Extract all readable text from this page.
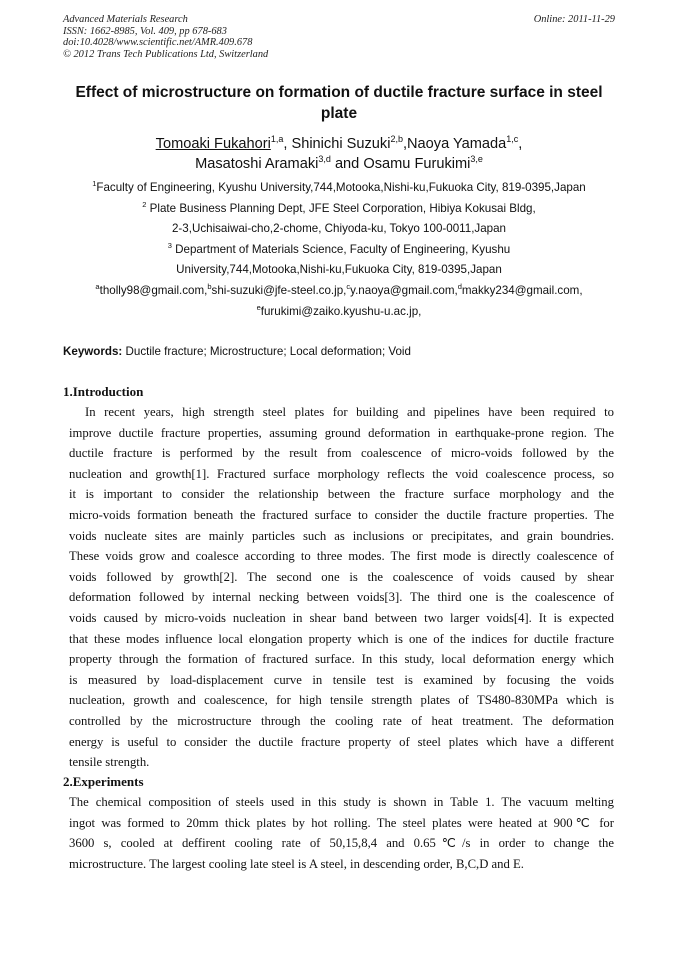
Advanced Materials Research
ISSN: 1662-8985, Vol. 409, pp 678-683
doi:10.4028/www.scientific.net/AMR.409.678
© 2012 Trans Tech Publications Ltd, Switzerland
Online: 2011-11-29
Effect of microstructure on formation of ductile fracture surface in steel
plate
Tomoaki Fukahori$^{1,a}$, Shinichi Suzuki$^{2,b}$,Naoya Yamada$^{1,c}$,
Masatoshi Aramaki$^{3,d}$ and Osamu Furukimi$^{3,e}$
$^1$Faculty of Engineering, Kyushu University,744,Motooka,Nishi-ku,Fukuoka City, 819-0395,Japan
$^2$ Plate Business Planning Dept, JFE Steel Corporation, Hibiya Kokusai Bldg,
2-3,Uchisaiwai-cho,2-chome, Chiyoda-ku, Tokyo 100-0011,Japan
$^3$ Department of Materials Science, Faculty of Engineering, Kyushu
University,744,Motooka,Nishi-ku,Fukuoka City, 819-0395,Japan
$^a$tholly98@gmail.com,$^b$shi-suzuki@jfe-steel.co.jp,$^c$y.naoya@gmail.com,$^d$makky234@gmail.com,
$^e$furukimi@zaiko.kyushu-u.ac.jp,
Keywords: Ductile fracture; Microstructure; Local deformation; Void
1.Introduction
In recent years, high strength steel plates for building and pipelines have been required to
improve ductile fracture properties, assuming ground deformation in earthquake-prone region. The
ductile fracture is performed by the result from coalescence of micro-voids followed by the
nucleation and growth[1]. Fractured surface morphology reflects the void coalescence process, so
it is important to consider the relationship between the fracture surface morphology and the
micro-voids formation beneath the fractured surface to consider the ductile fracture properties. The
voids nucleate sites are mainly particles such as inclusions or precipitates, and grain boundries.
These voids grow and coalesce according to three modes. The first mode is directly coalescence of
voids followed by growth[2]. The second one is the coalescence of voids caused by shear
deformation followed by internal necking between voids[3]. The third one is the coalescence of
voids caused by micro-voids nucleation in shear band between two larger voids[4]. It is expected
that these modes influence local elongation property which is one of the indices for ductile fracture
property through the formation of fractured surface. In this study, local deformation energy which
is measured by load-displacement curve in tensile test is examined by focusing the voids
nucleation, growth and coalescence, for high tensile strength plates of TS480-830MPa which is
controlled by the microstructure through the cooling rate of heat treatment. The deformation
energy is useful to consider the ductile fracture property of steel plates which have a different
tensile strength.
2.Experiments
The chemical composition of steels used in this study is shown in Table 1. The vacuum melting
ingot was formed to 20mm thick plates by hot rolling. The steel plates were heated at 900℃ for
3600 s, cooled at deffirent cooling rate of 50,15,8,4 and 0.65℃/s in order to change the
microstructure. The largest cooling late steel is A steel, in descending order, B,C,D and E.
